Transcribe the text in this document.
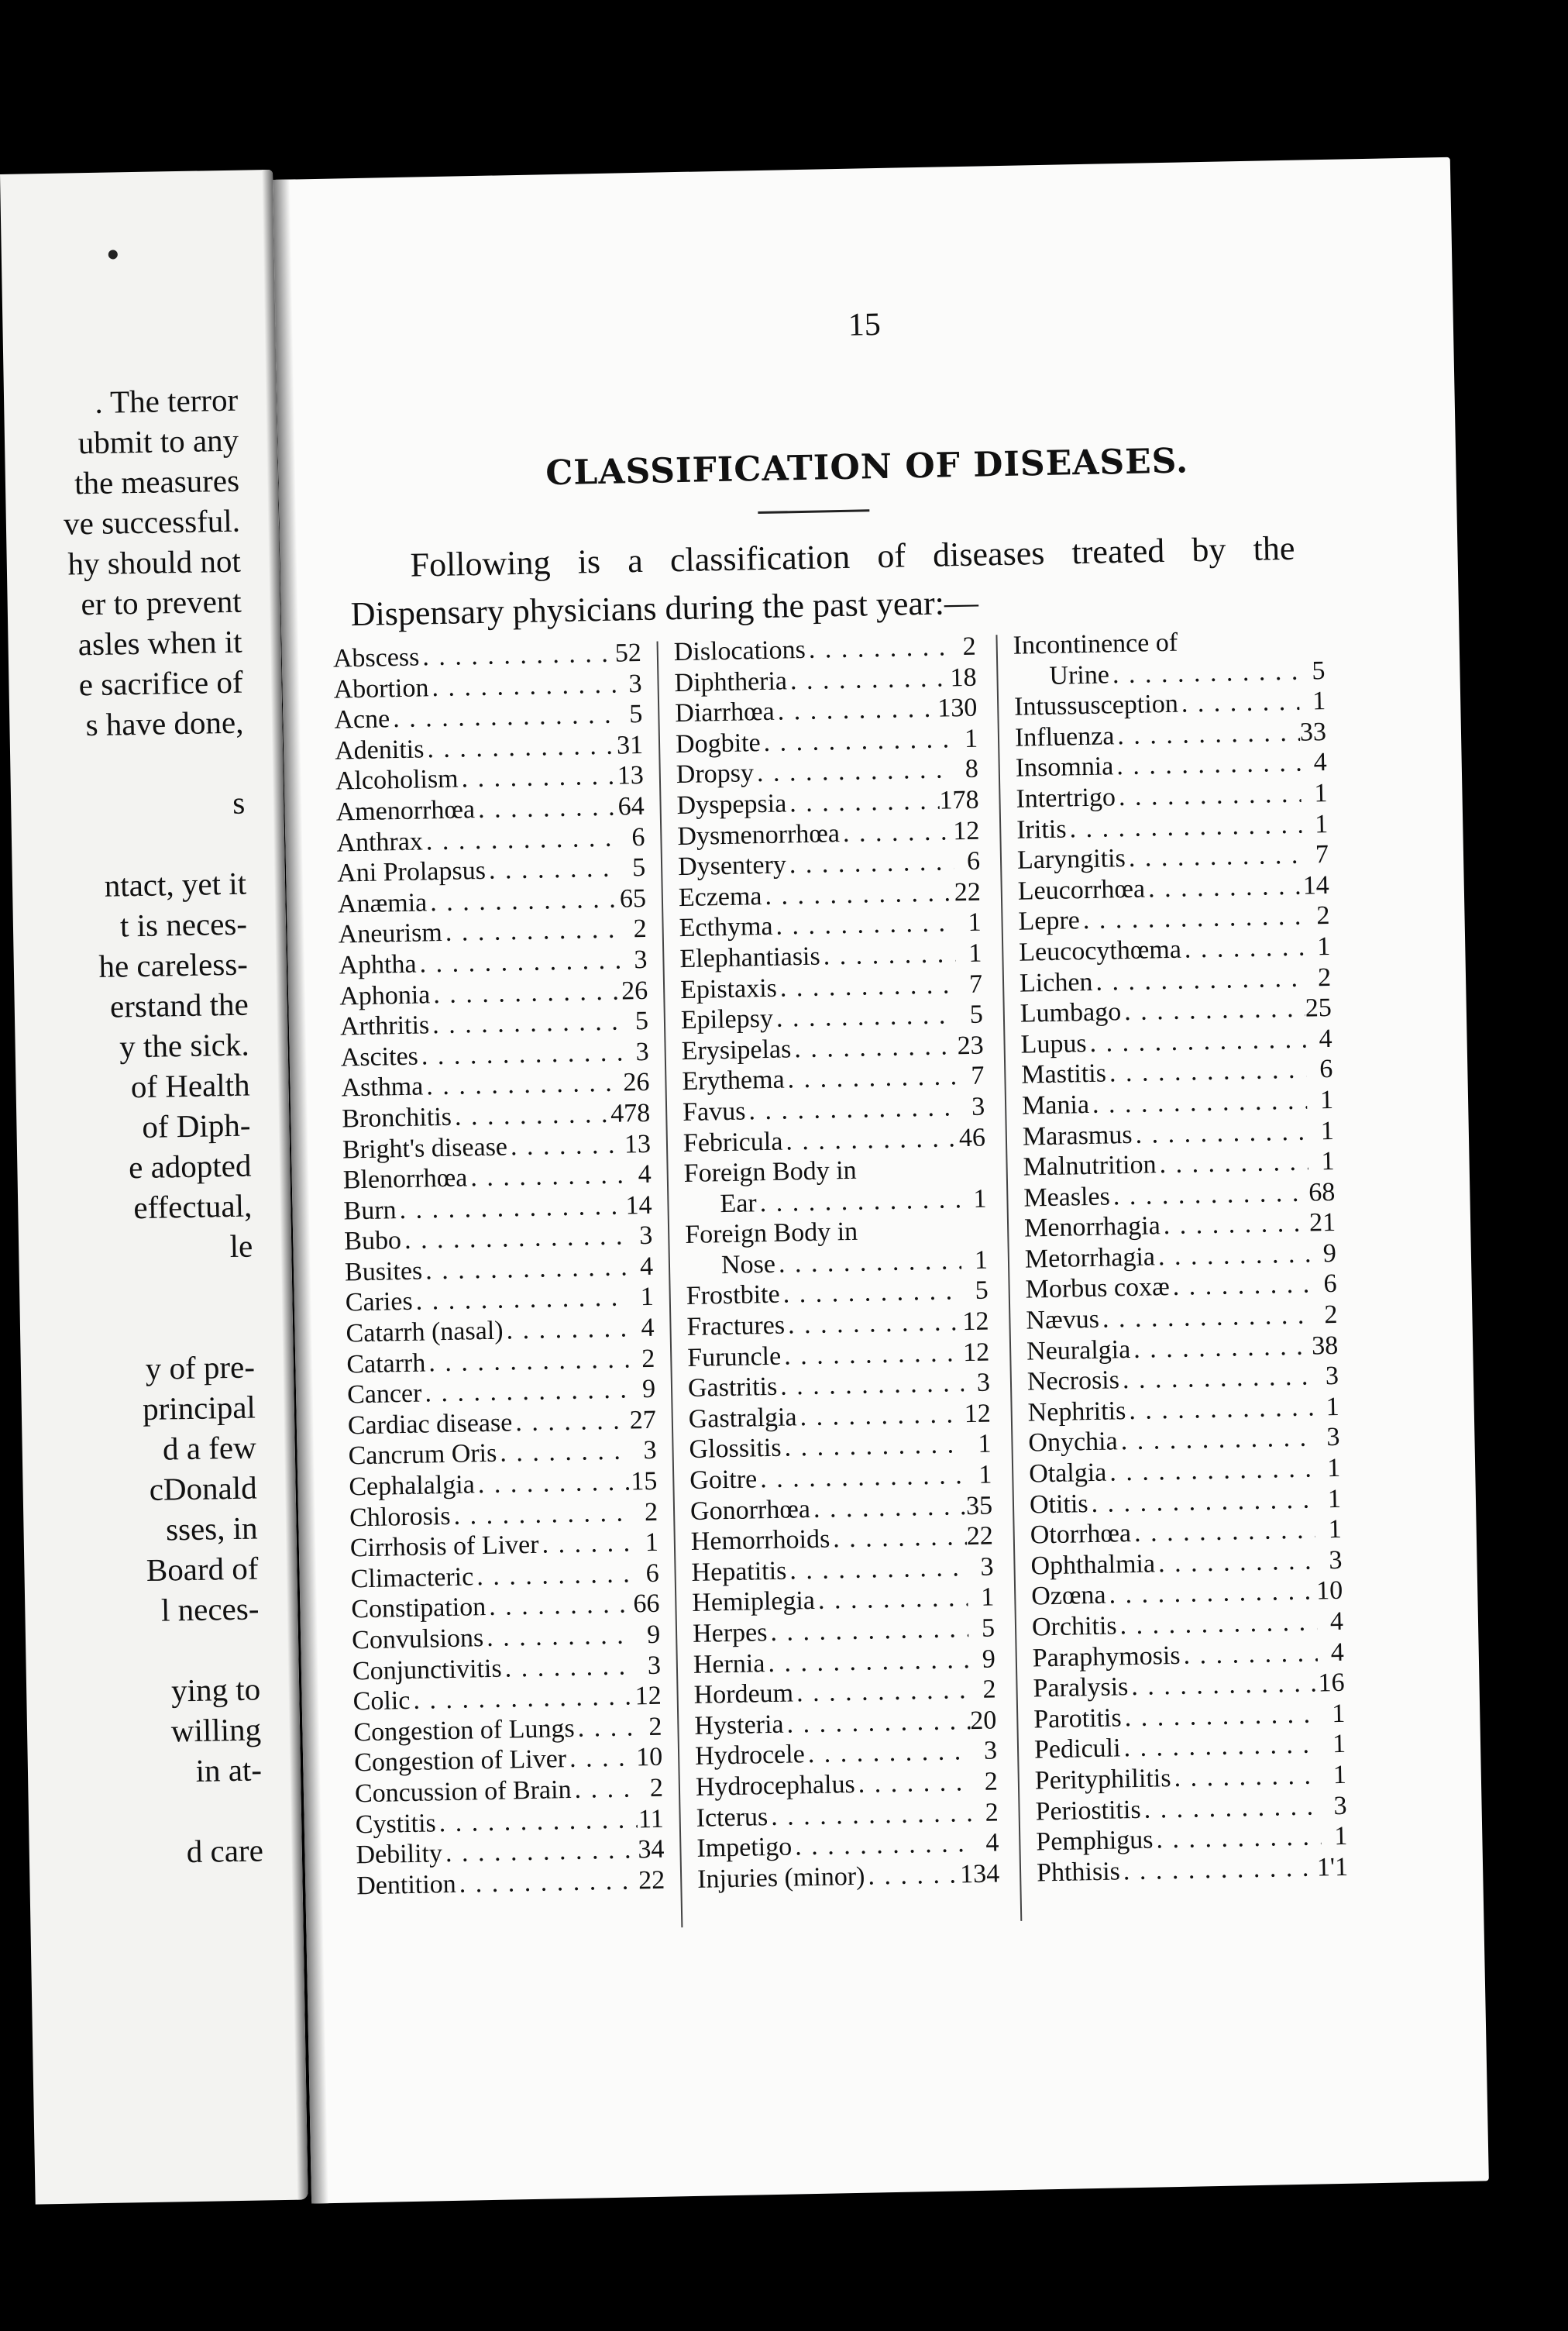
. The terror
ubmit to any
the measures
ve successful.
hy should not
er to prevent
asles when it
e sacrifice of
s have done,
s
ntact, yet it
t is neces-
he careless-
erstand the
y the sick.
of Health
of Diph-
e adopted
effectual,
le
y of pre-
principal
d a few
cDonald
sses, in
Board of
l neces-
ying to
willing
in at-
d care
15
CLASSIFICATION OF DISEASES.
Following is a classification of diseases treated by the Dispensary physicians during the past year:—
Abscess . . .	52
Abortion . . .	3
Acne . . .	5
Adenitis . . .	31
Alcoholism . . .	13
Amenorrhœa . . .	64
Anthrax . . .	6
Ani Prolapsus . . .	5
Anæmia . . .	65
Aneurism . . .	2
Aphtha . . .	3
Aphonia . . .	26
Arthritis . . .	5
Ascites . . .	3
Asthma . . .	26
Bronchitis . . .	478
Bright's disease . . .	13
Blenorrhœa . . .	4
Burn . . .	14
Bubo . . .	3
Busites . . .	4
Caries . . .	1
Catarrh (nasal) . . .	4
Catarrh . . .	2
Cancer . . .	9
Cardiac disease . . .	27
Cancrum Oris . . .	3
Cephalalgia . . .	15
Chlorosis . . .	2
Cirrhosis of Liver . . .	1
Climacteric . . .	6
Constipation . . .	66
Convulsions . . .	9
Conjunctivitis . . .	3
Colic . . .	12
Congestion of Lungs . . .	2
Congestion of Liver . . .	10
Concussion of Brain . . .	2
Cystitis . . .	11
Debility . . .	34
Dentition . . .	22
Dislocations . . .	2
Diphtheria . . .	18
Diarrhœa . . .	130
Dogbite . . .	1
Dropsy . . .	8
Dyspepsia . . .	178
Dysmenorrhœa . . .	12
Dysentery . . .	6
Eczema . . .	22
Ecthyma . . .	1
Elephantiasis . . .	1
Epistaxis . . .	7
Epilepsy . . .	5
Erysipelas . . .	23
Erythema . . .	7
Favus . . .	3
Febricula . . .	46
Foreign Body in
Ear . . .	1
Foreign Body in
Nose . . .	1
Frostbite . . .	5
Fractures . . .	12
Furuncle . . .	12
Gastritis . . .	3
Gastralgia . . .	12
Glossitis . . .	1
Goitre . . .	1
Gonorrhœa . . .	35
Hemorrhoids . . .	22
Hepatitis . . .	3
Hemiplegia . . .	1
Herpes . . .	5
Hernia . . .	9
Hordeum . . .	2
Hysteria . . .	20
Hydrocele . . .	3
Hydrocephalus . . .	2
Icterus . . .	2
Impetigo . . .	4
Injuries (minor) . . .	134
Incontinence of
Urine . . .	5
Intussusception . . .	1
Influenza . . .	33
Insomnia . . .	4
Intertrigo . . .	1
Iritis . . .	1
Laryngitis . . .	7
Leucorrhœa . . .	14
Lepre . . .	2
Leucocythœma . . .	1
Lichen . . .	2
Lumbago . . .	25
Lupus . . .	4
Mastitis . . .	6
Mania . . .	1
Marasmus . . .	1
Malnutrition . . .	1
Measles . . .	68
Menorrhagia . . .	21
Metorrhagia . . .	9
Morbus coxæ . . .	6
Nævus . . .	2
Neuralgia . . .	38
Necrosis . . .	3
Nephritis . . .	1
Onychia . . .	3
Otalgia . . .	1
Otitis . . .	1
Otorrhœa . . .	1
Ophthalmia . . .	3
Ozœna . . .	10
Orchitis . . .	4
Paraphymosis . . .	4
Paralysis . . .	16
Parotitis . . .	1
Pediculi . . .	1
Perityphilitis . . .	1
Periostitis . . .	3
Pemphigus . . .	1
Phthisis . . .	1'1
